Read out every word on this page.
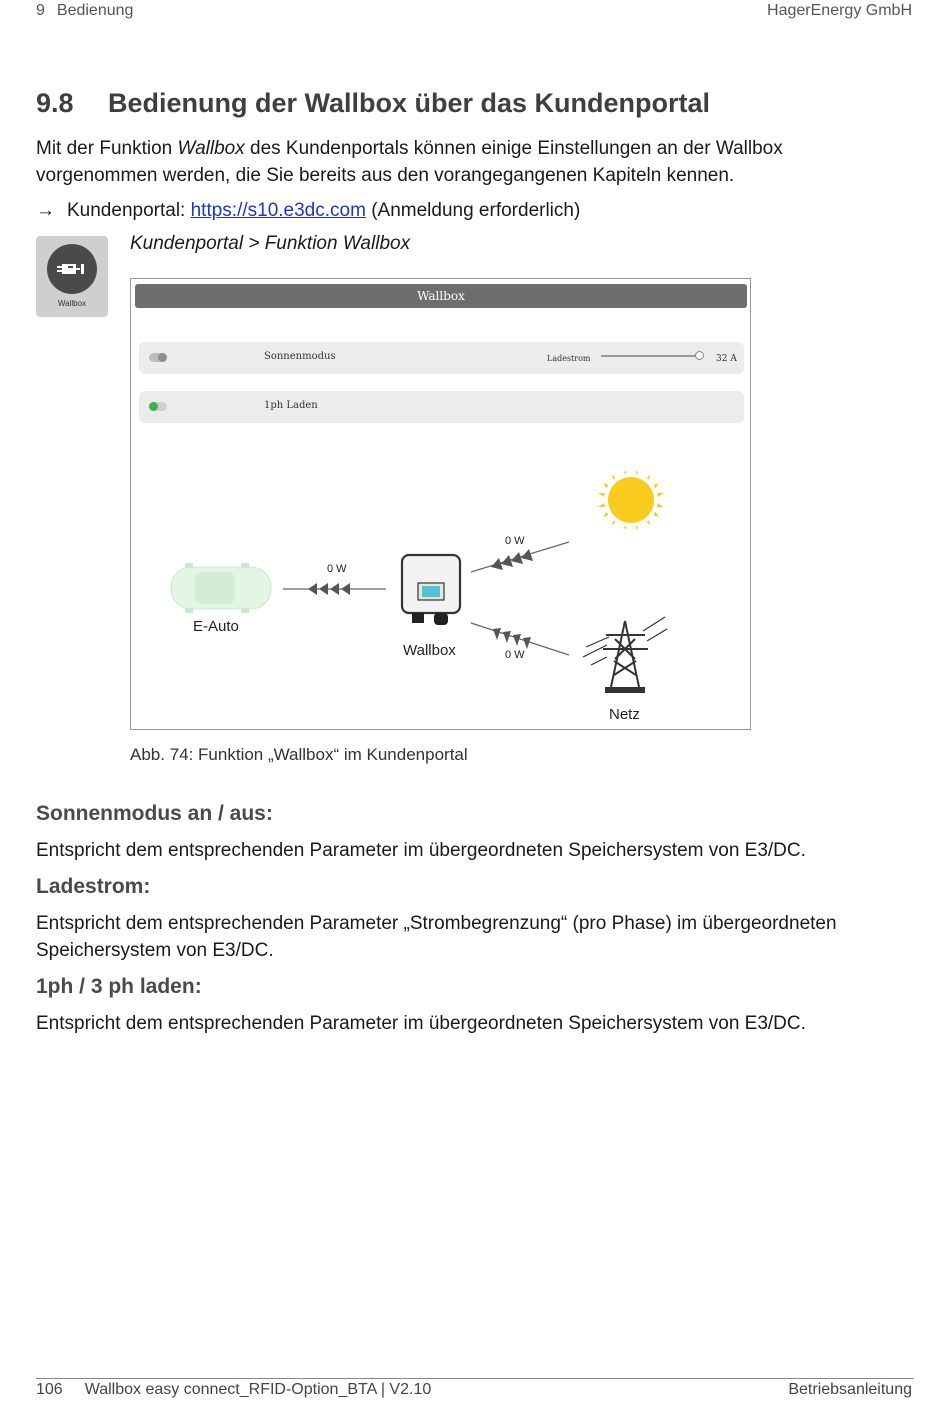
9 Bedienung	HagerEnergy GmbH
9.8 Bedienung der Wallbox über das Kundenportal

Mit der Funktion Wallbox des Kundenportals können einige Einstellungen an der Wallbox vorgenommen werden, die Sie bereits aus den vorangegangenen Kapiteln kennen.

→ Kundenportal: https://s10.e3dc.com (Anmeldung erforderlich)
Wallbox
Kundenportal > Funktion Wallbox
Wallbox
Sonnenmodus	Ladestrom	32 A
1ph Laden
E-Auto
0 W
Wallbox
0 W
0 W
Netz
Abb. 74: Funktion „Wallbox“ im Kundenportal
Sonnenmodus an / aus:

Entspricht dem entsprechenden Parameter im übergeordneten Speichersystem von E3/DC.

Ladestrom:

Entspricht dem entsprechenden Parameter „Strombegrenzung“ (pro Phase) im übergeordneten Speichersystem von E3/DC.

1ph / 3 ph laden:

Entspricht dem entsprechenden Parameter im übergeordneten Speichersystem von E3/DC.

106 Wallbox easy connect_RFID-Option_BTA | V2.10	Betriebsanleitung
